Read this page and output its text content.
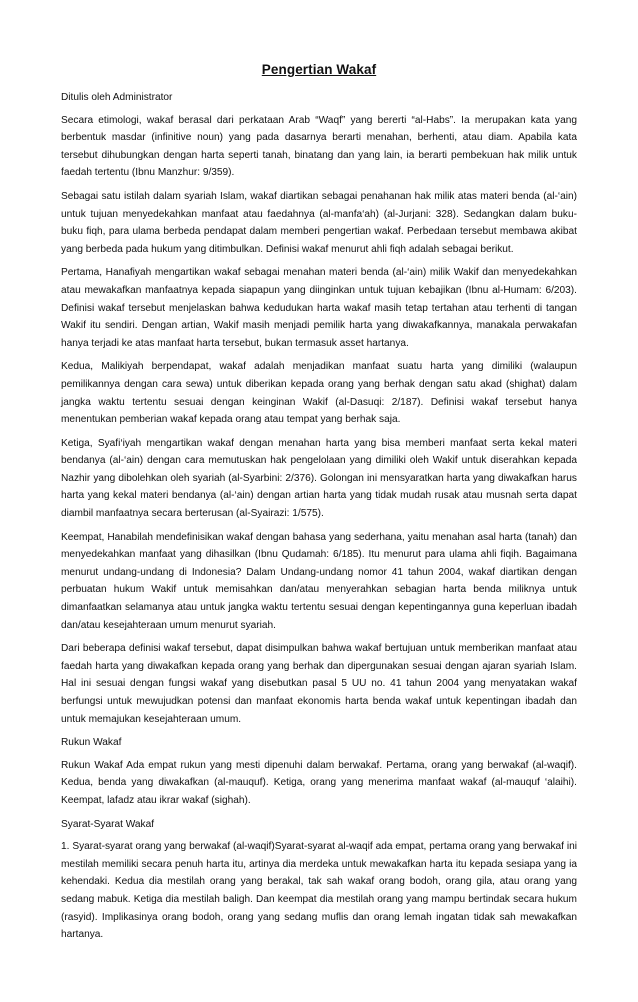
Pengertian Wakaf

Ditulis oleh Administrator

Secara etimologi, wakaf berasal dari perkataan Arab “Waqf” yang bererti “al-Habs”. Ia merupakan kata yang berbentuk masdar (infinitive noun) yang pada dasarnya berarti menahan, berhenti, atau diam. Apabila kata tersebut dihubungkan dengan harta seperti tanah, binatang dan yang lain, ia berarti pembekuan hak milik untuk faedah tertentu (Ibnu Manzhur: 9/359).

Sebagai satu istilah dalam syariah Islam, wakaf diartikan sebagai penahanan hak milik atas materi benda (al-‘ain) untuk tujuan menyedekahkan manfaat atau faedahnya (al-manfa‘ah) (al-Jurjani: 328). Sedangkan dalam buku-buku fiqh, para ulama berbeda pendapat dalam memberi pengertian wakaf. Perbedaan tersebut membawa akibat yang berbeda pada hukum yang ditimbulkan. Definisi wakaf menurut ahli fiqh adalah sebagai berikut.

Pertama, Hanafiyah mengartikan wakaf sebagai menahan materi benda (al-‘ain) milik Wakif dan menyedekahkan atau mewakafkan manfaatnya kepada siapapun yang diinginkan untuk tujuan kebajikan (Ibnu al-Humam: 6/203). Definisi wakaf tersebut menjelaskan bahwa kedudukan harta wakaf masih tetap tertahan atau terhenti di tangan Wakif itu sendiri. Dengan artian, Wakif masih menjadi pemilik harta yang diwakafkannya, manakala perwakafan hanya terjadi ke atas manfaat harta tersebut, bukan termasuk asset hartanya.

Kedua, Malikiyah berpendapat, wakaf adalah menjadikan manfaat suatu harta yang dimiliki (walaupun pemilikannya dengan cara sewa) untuk diberikan kepada orang yang berhak dengan satu akad (shighat) dalam jangka waktu tertentu sesuai dengan keinginan Wakif (al-Dasuqi: 2/187). Definisi wakaf tersebut hanya menentukan pemberian wakaf kepada orang atau tempat yang berhak saja.

Ketiga, Syafi‘iyah mengartikan wakaf dengan menahan harta yang bisa memberi manfaat serta kekal materi bendanya (al-‘ain) dengan cara memutuskan hak pengelolaan yang dimiliki oleh Wakif untuk diserahkan kepada Nazhir yang dibolehkan oleh syariah (al-Syarbini: 2/376). Golongan ini mensyaratkan harta yang diwakafkan harus harta yang kekal materi bendanya (al-‘ain) dengan artian harta yang tidak mudah rusak atau musnah serta dapat diambil manfaatnya secara berterusan (al-Syairazi: 1/575).

Keempat, Hanabilah mendefinisikan wakaf dengan bahasa yang sederhana, yaitu menahan asal harta (tanah) dan menyedekahkan manfaat yang dihasilkan (Ibnu Qudamah: 6/185). Itu menurut para ulama ahli fiqih. Bagaimana menurut undang-undang di Indonesia? Dalam Undang-undang nomor 41 tahun 2004, wakaf diartikan dengan perbuatan hukum Wakif untuk memisahkan dan/atau menyerahkan sebagian harta benda miliknya untuk dimanfaatkan selamanya atau untuk jangka waktu tertentu sesuai dengan kepentingannya guna keperluan ibadah dan/atau kesejahteraan umum menurut syariah.

Dari beberapa definisi wakaf tersebut, dapat disimpulkan bahwa wakaf bertujuan untuk memberikan manfaat atau faedah harta yang diwakafkan kepada orang yang berhak dan dipergunakan sesuai dengan ajaran syariah Islam. Hal ini sesuai dengan fungsi wakaf yang disebutkan pasal 5 UU no. 41 tahun 2004 yang menyatakan wakaf berfungsi untuk mewujudkan potensi dan manfaat ekonomis harta benda wakaf untuk kepentingan ibadah dan untuk memajukan kesejahteraan umum.

Rukun Wakaf

Rukun Wakaf Ada empat rukun yang mesti dipenuhi dalam berwakaf. Pertama, orang yang berwakaf (al-waqif). Kedua, benda yang diwakafkan (al-mauquf). Ketiga, orang yang menerima manfaat wakaf (al-mauquf ‘alaihi). Keempat, lafadz atau ikrar wakaf (sighah).

Syarat-Syarat Wakaf

1. Syarat-syarat orang yang berwakaf (al-waqif)Syarat-syarat al-waqif ada empat, pertama orang yang berwakaf ini mestilah memiliki secara penuh harta itu, artinya dia merdeka untuk mewakafkan harta itu kepada sesiapa yang ia kehendaki. Kedua dia mestilah orang yang berakal, tak sah wakaf orang bodoh, orang gila, atau orang yang sedang mabuk. Ketiga dia mestilah baligh. Dan keempat dia mestilah orang yang mampu bertindak secara hukum (rasyid). Implikasinya orang bodoh, orang yang sedang muflis dan orang lemah ingatan tidak sah mewakafkan hartanya.
